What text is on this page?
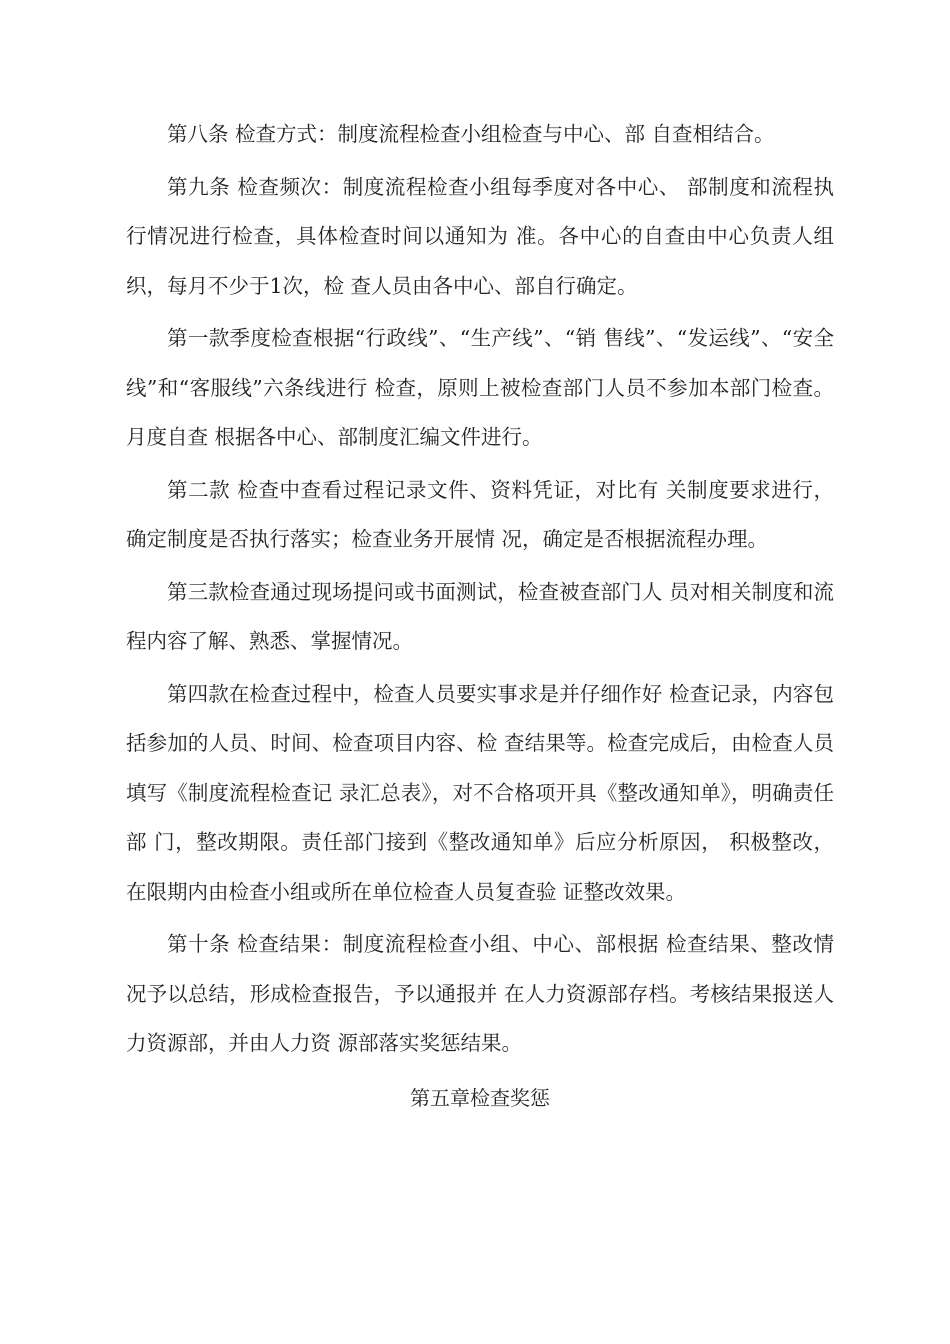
第八条 检查方式：制度流程检查小组检查与中心、部 自查相结合。

第九条 检查频次：制度流程检查小组每季度对各中心、 部制度和流程执行情况进行检查，具体检查时间以通知为 准。各中心的自查由中心负责人组织，每月不少于1次，检 查人员由各中心、部自行确定。

第一款季度检查根据“行政线”、“生产线”、“销 售线”、“发运线”、“安全线”和“客服线”六条线进行 检查，原则上被检查部门人员不参加本部门检查。月度自查 根据各中心、部制度汇编文件进行。

第二款 检查中查看过程记录文件、资料凭证，对比有 关制度要求进行，确定制度是否执行落实；检查业务开展情 况，确定是否根据流程办理。

第三款检查通过现场提问或书面测试，检查被查部门人 员对相关制度和流程内容了解、熟悉、掌握情况。

第四款在检查过程中，检查人员要实事求是并仔细作好 检查记录，内容包括参加的人员、时间、检查项目内容、检 查结果等。检查完成后，由检查人员填写《制度流程检查记 录汇总表》，对不合格项开具《整改通知单》，明确责任部 门，整改期限。责任部门接到《整改通知单》后应分析原因， 积极整改，在限期内由检查小组或所在单位检查人员复查验 证整改效果。

第十条 检查结果：制度流程检查小组、中心、部根据 检查结果、整改情况予以总结，形成检查报告，予以通报并 在人力资源部存档。考核结果报送人力资源部，并由人力资 源部落实奖惩结果。

第五章检查奖惩
